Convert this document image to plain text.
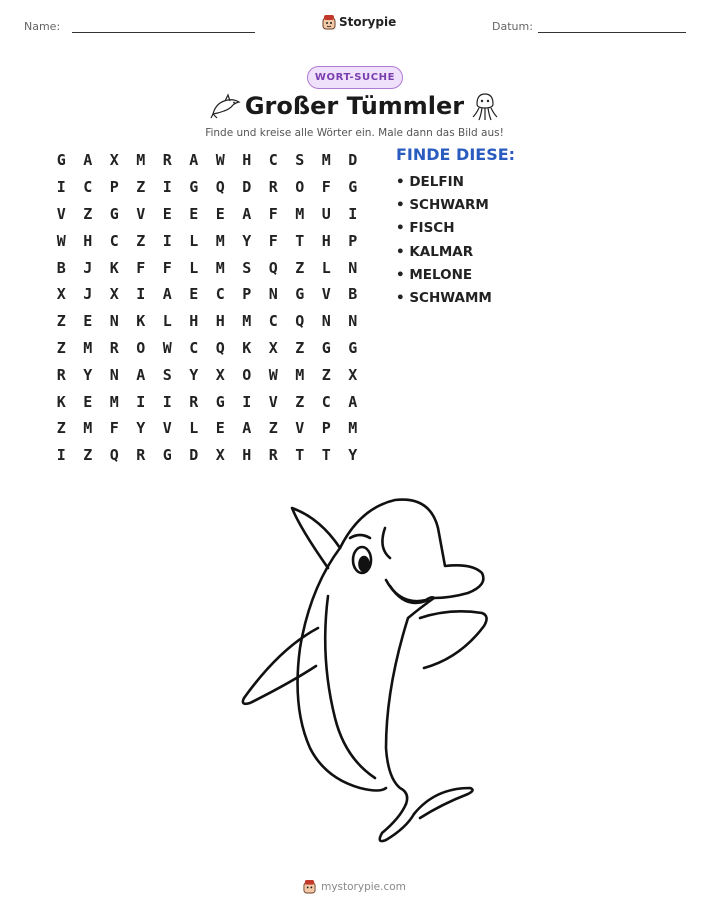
Name:	Storypie	Datum:
WORT-SUCHE
Großer Tümmler
Finde und kreise alle Wörter ein. Male dann das Bild aus!
G	A	X	M	R	A	W	H	C	S	M	D
I	C	P	Z	I	G	Q	D	R	O	F	G
V	Z	G	V	E	E	E	A	F	M	U	I
W	H	C	Z	I	L	M	Y	F	T	H	P
B	J	K	F	F	L	M	S	Q	Z	L	N
X	J	X	I	A	E	C	P	N	G	V	B
Z	E	N	K	L	H	H	M	C	Q	N	N
Z	M	R	O	W	C	Q	K	X	Z	G	G
R	Y	N	A	S	Y	X	O	W	M	Z	X
K	E	M	I	I	R	G	I	V	Z	C	A
Z	M	F	Y	V	L	E	A	Z	V	P	M
I	Z	Q	R	G	D	X	H	R	T	T	Y
FINDE DIESE:
• DELFIN
• SCHWARM
• FISCH
• KALMAR
• MELONE
• SCHWAMM
mystorypie.com
